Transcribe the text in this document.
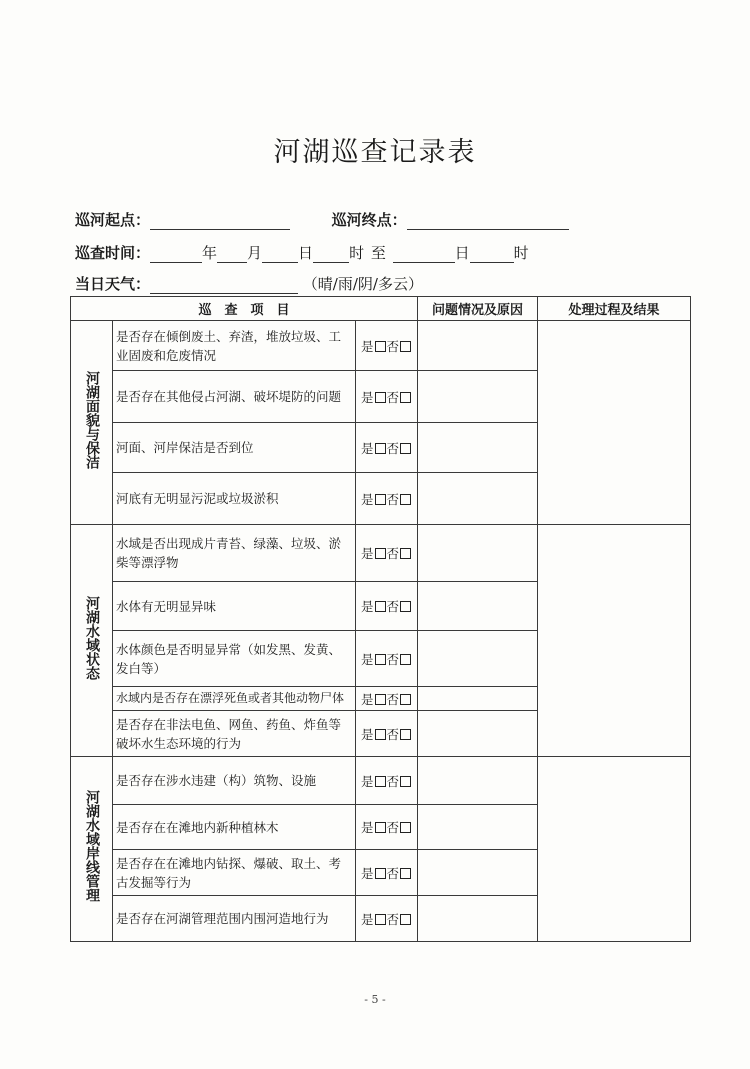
河湖巡查记录表
巡河起点：	巡河终点：
巡查时间：	年 月 日 时 至	日	时
当日天气：	（晴/雨/阴/多云）
巡　查　项　目			问题情况及原因	处理过程及结果
河湖面貌与保洁	是否存在倾倒废土、弃渣，堆放垃圾、工业固废和危废情况	是 否		
	是否存在其他侵占河湖、破坏堤防的问题	是 否		
	河面、河岸保洁是否到位	是 否		
	河底有无明显污泥或垃圾淤积	是 否		
河湖水域状态	水域是否出现成片青苔、绿藻、垃圾、淤柴等漂浮物	是 否		
	水体有无明显异味	是 否		
	水体颜色是否明显异常（如发黑、发黄、发白等）	是 否		
	水域内是否存在漂浮死鱼或者其他动物尸体	是 否		
	是否存在非法电鱼、网鱼、药鱼、炸鱼等破坏水生态环境的行为	是 否		
河湖水域岸线管理	是否存在涉水违建（构）筑物、设施	是 否		
	是否存在在滩地内新种植林木	是 否		
	是否存在在滩地内钻探、爆破、取土、考古发掘等行为	是 否		
	是否存在河湖管理范围内围河造地行为	是 否		
- 5 -
